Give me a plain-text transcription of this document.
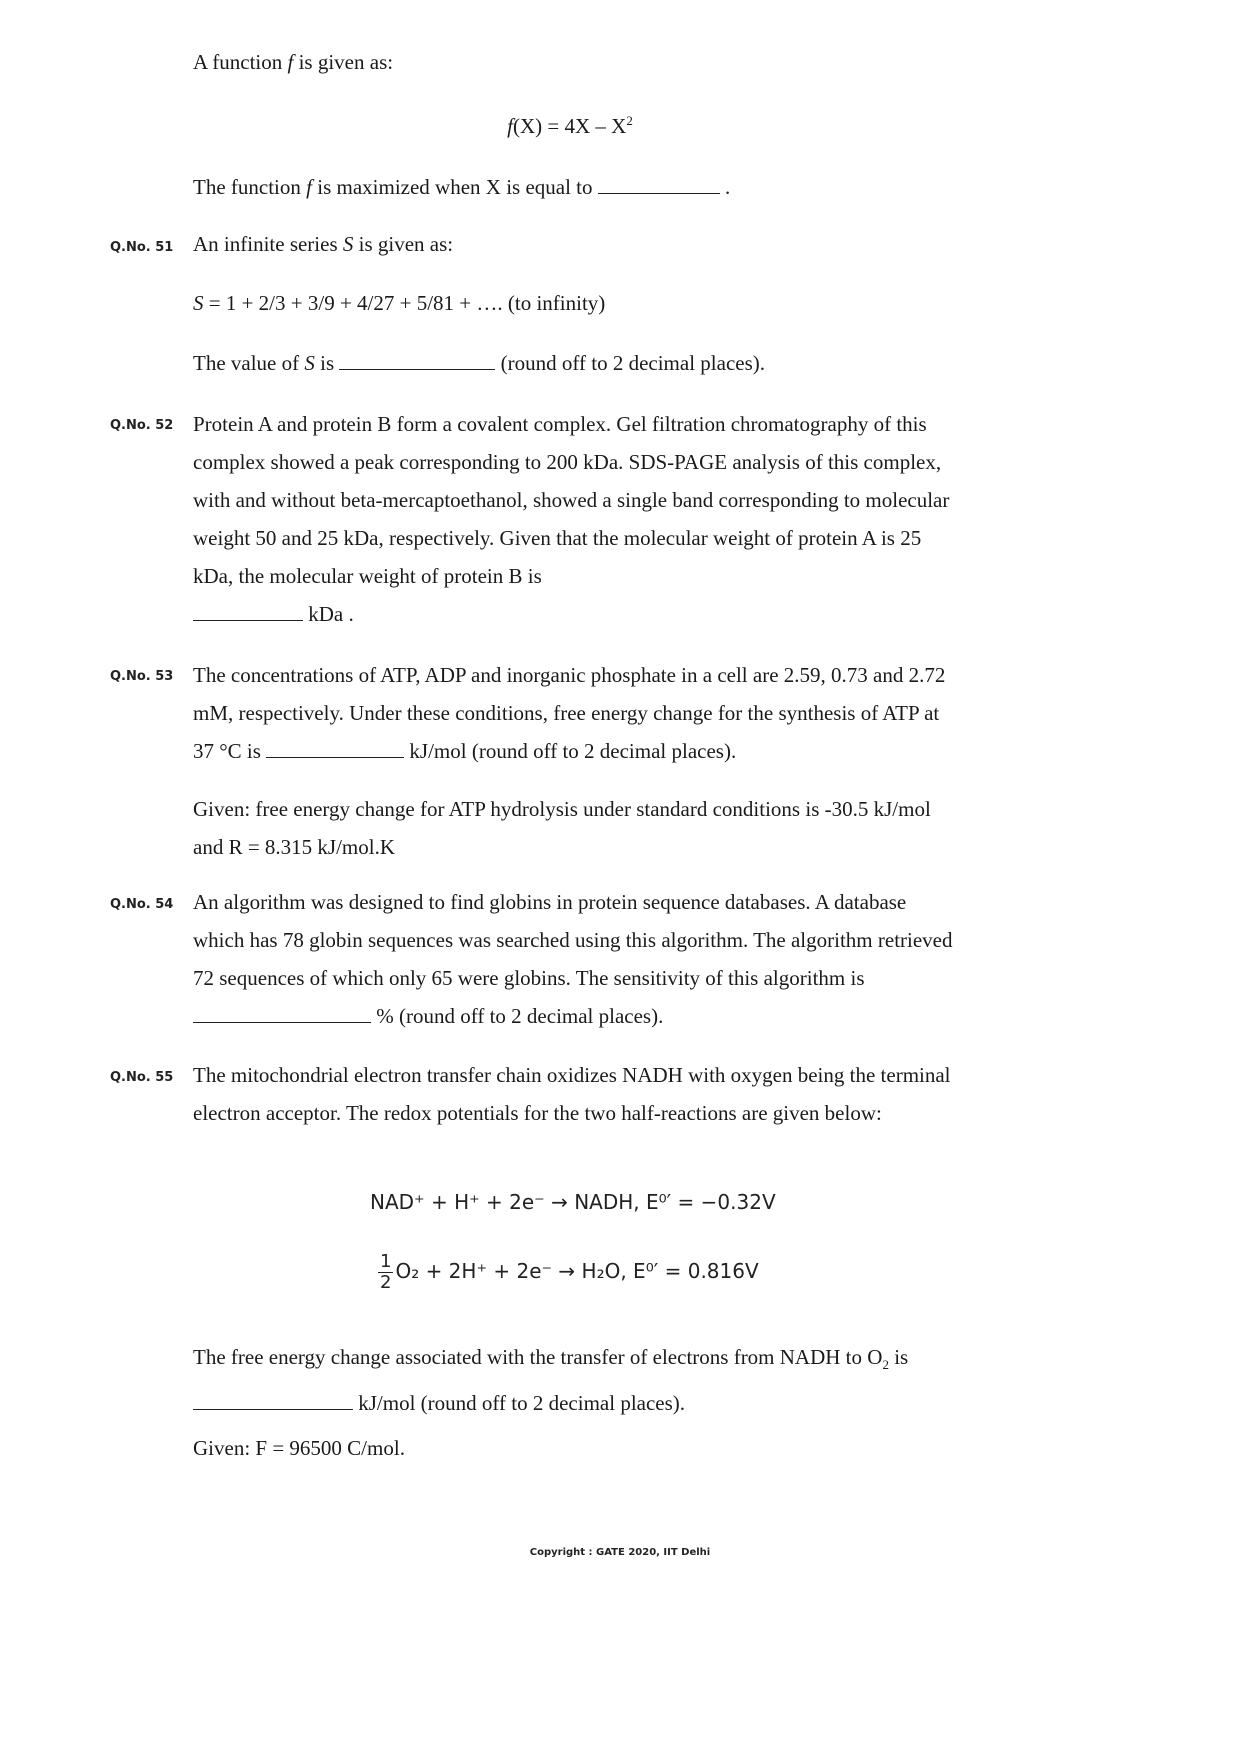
A function f is given as:

$f(X) = 4X - X^2$

The function f is maximized when X is equal to	.

Q.No. 51 An infinite series S is given as:

S = 1 + 2/3 + 3/9 + 4/27 + 5/81 + …. (to infinity)

The value of S is	(round off to 2 decimal places).

Q.No. 52 Protein A and protein B form a covalent complex. Gel filtration chromatography of this complex showed a peak corresponding to 200 kDa. SDS-PAGE analysis of this complex, with and without beta-mercaptoethanol, showed a single band corresponding to molecular weight 50 and 25 kDa, respectively. Given that the molecular weight of protein A is 25 kDa, the molecular weight of protein B is
kDa .

Q.No. 53 The concentrations of ATP, ADP and inorganic phosphate in a cell are 2.59, 0.73 and 2.72 mM, respectively. Under these conditions, free energy change for the synthesis of ATP at 37 °C is	kJ/mol (round off to 2 decimal places).

Given: free energy change for ATP hydrolysis under standard conditions is -30.5 kJ/mol and R = 8.315 kJ/mol.K

Q.No. 54 An algorithm was designed to find globins in protein sequence databases. A database which has 78 globin sequences was searched using this algorithm. The algorithm retrieved 72 sequences of which only 65 were globins. The sensitivity of this algorithm is  % (round off to 2 decimal places).

Q.No. 55 The mitochondrial electron transfer chain oxidizes NADH with oxygen being the terminal electron acceptor. The redox potentials for the two half-reactions are given below:

NAD⁺ + H⁺ + 2e⁻ → NADH, E⁰′ = −0.32V
$\frac{1}{2} O_2 + 2H^+ + 2e^- \to H_2O$, E⁰′ = 0.816V

The free energy change associated with the transfer of electrons from NADH to $O_2$ is
kJ/mol (round off to 2 decimal places).

Given: F = 96500 C/mol.

Copyright : GATE 2020, IIT Delhi
